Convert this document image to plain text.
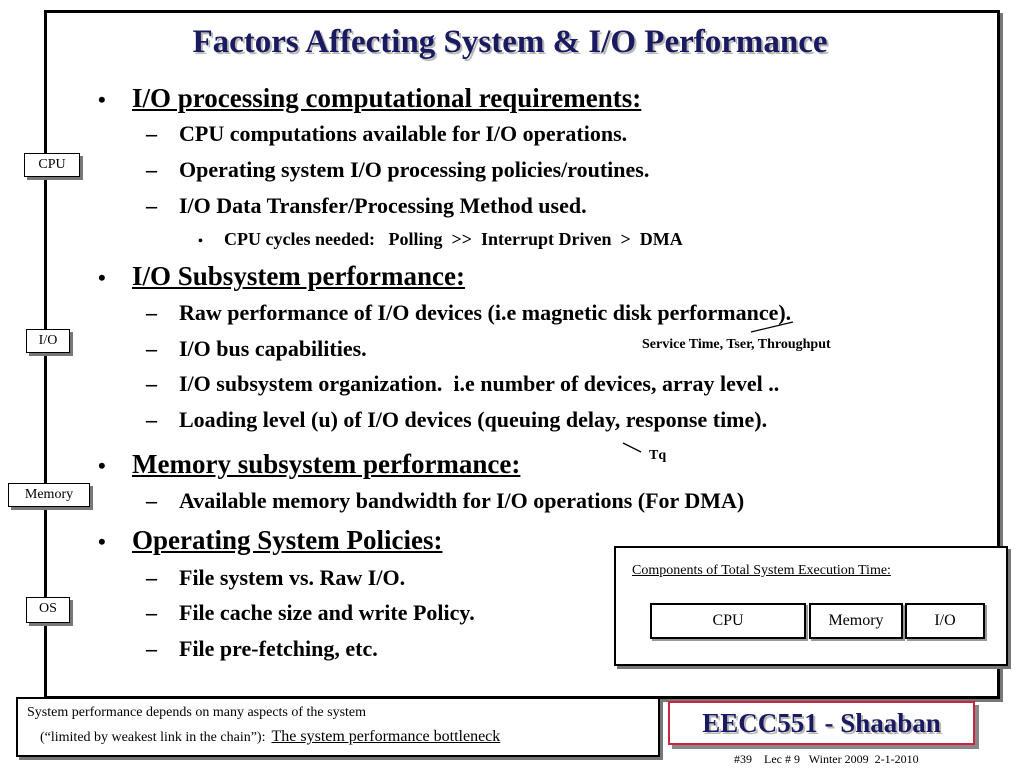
Factors Affecting System & I/O Performance
• I/O processing computational requirements:
– CPU computations available for I/O operations.
– Operating system I/O processing policies/routines.
– I/O Data Transfer/Processing Method used.
• CPU cycles needed:   Polling  >>  Interrupt Driven  >  DMA
• I/O Subsystem performance:
– Raw performance of I/O devices (i.e magnetic disk performance).
– I/O bus capabilities.
– I/O subsystem organization.  i.e number of devices, array level ..
– Loading level (u) of I/O devices (queuing delay, response time).
• Memory subsystem performance:
– Available memory bandwidth for I/O operations (For DMA)
• Operating System Policies:
– File system vs. Raw I/O.
– File cache size and write Policy.
– File pre-fetching, etc.
CPU
I/O
Memory
OS
Service Time, Tser, Throughput
Tq
Components of Total System Execution Time:
CPU	Memory	I/O
System performance depends on many aspects of the system
(“limited by weakest link in the chain”): The system performance bottleneck	EECC551 - Shaaban
#39    Lec # 9   Winter 2009  2-1-2010
